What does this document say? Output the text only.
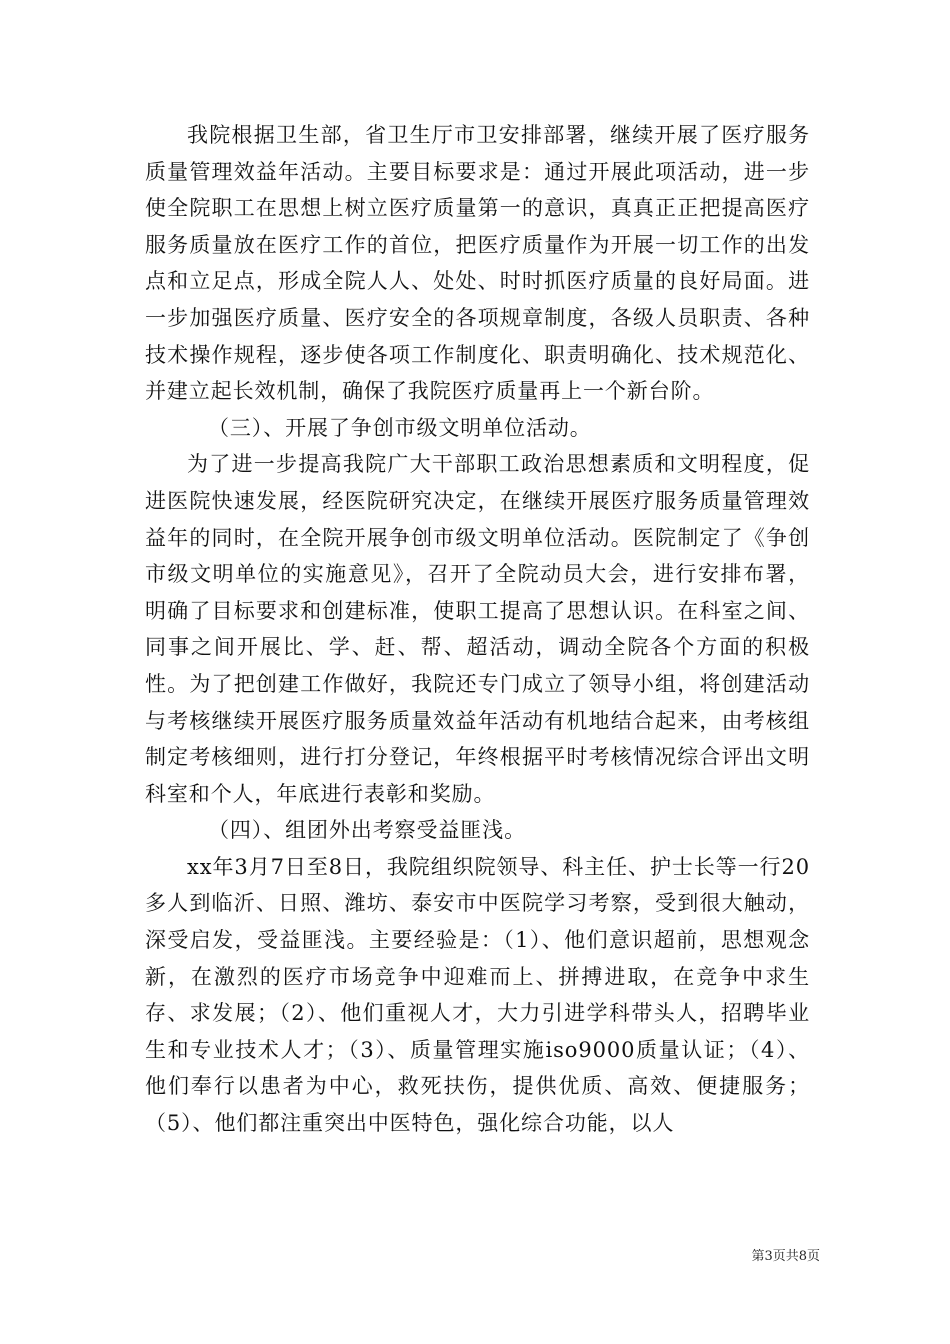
我院根据卫生部，省卫生厅市卫安排部署，继续开展了医疗服务质量管理效益年活动。主要目标要求是：通过开展此项活动，进一步使全院职工在思想上树立医疗质量第一的意识，真真正正把提高医疗服务质量放在医疗工作的首位，把医疗质量作为开展一切工作的出发点和立足点，形成全院人人、处处、时时抓医疗质量的良好局面。进一步加强医疗质量、医疗安全的各项规章制度，各级人员职责、各种技术操作规程，逐步使各项工作制度化、职责明确化、技术规范化、并建立起长效机制，确保了我院医疗质量再上一个新台阶。

（三）、开展了争创市级文明单位活动。

为了进一步提高我院广大干部职工政治思想素质和文明程度，促进医院快速发展，经医院研究决定，在继续开展医疗服务质量管理效益年的同时，在全院开展争创市级文明单位活动。医院制定了《争创市级文明单位的实施意见》，召开了全院动员大会，进行安排布署，明确了目标要求和创建标准，使职工提高了思想认识。在科室之间、同事之间开展比、学、赶、帮、超活动，调动全院各个方面的积极性。为了把创建工作做好，我院还专门成立了领导小组，将创建活动与考核继续开展医疗服务质量效益年活动有机地结合起来，由考核组制定考核细则，进行打分登记，年终根据平时考核情况综合评出文明科室和个人，年底进行表彰和奖励。

（四）、组团外出考察受益匪浅。

xx年3月7日至8日，我院组织院领导、科主任、护士长等一行20多人到临沂、日照、潍坊、泰安市中医院学习考察，受到很大触动，深受启发，受益匪浅。主要经验是：（1）、他们意识超前，思想观念新，在激烈的医疗市场竞争中迎难而上、拼搏进取，在竞争中求生存、求发展；（2）、他们重视人才，大力引进学科带头人，招聘毕业生和专业技术人才；（3）、质量管理实施iso9000质量认证；（4）、他们奉行以患者为中心，救死扶伤，提供优质、高效、便捷服务；（5）、他们都注重突出中医特色，强化综合功能，以人

第3页共8页
